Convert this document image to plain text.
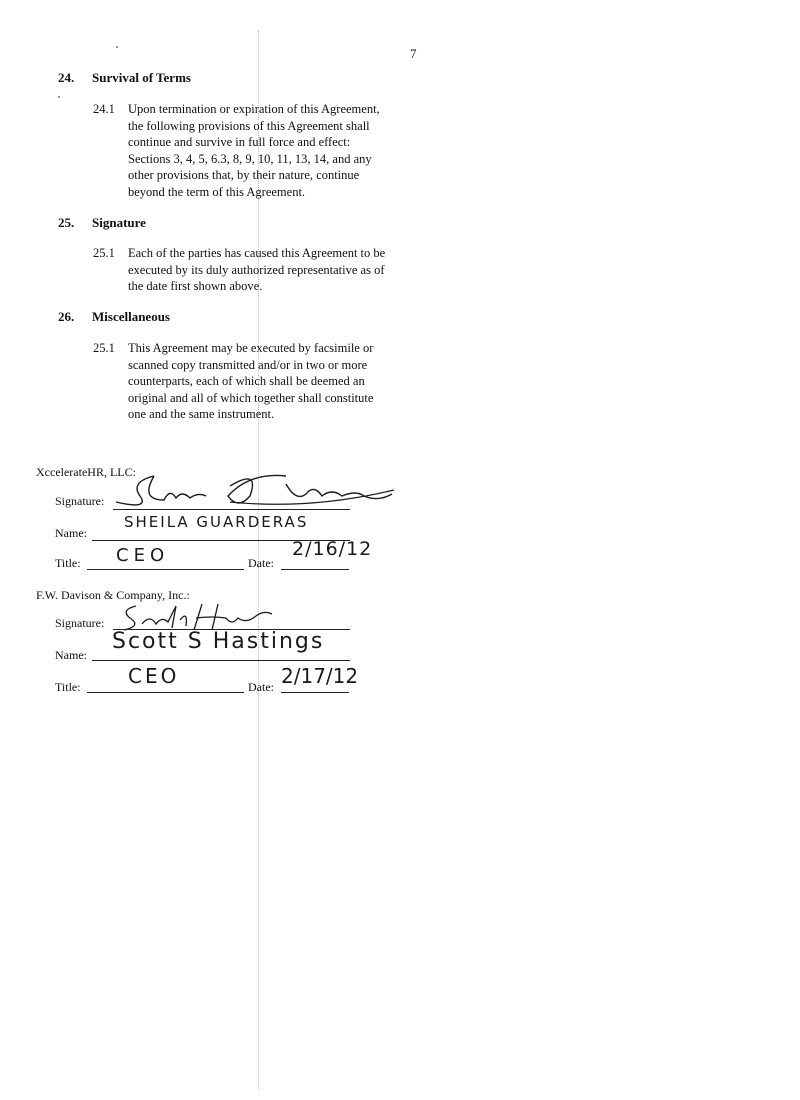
7
24. Survival of Terms
24.1 Upon termination or expiration of this Agreement,
the following provisions of this Agreement shall
continue and survive in full force and effect:
Sections 3, 4, 5, 6.3, 8, 9, 10, 11, 13, 14, and any
other provisions that, by their nature, continue
beyond the term of this Agreement.
25. Signature
25.1 Each of the parties has caused this Agreement to be
executed by its duly authorized representative as of
the date first shown above.
26. Miscellaneous
25.1 This Agreement may be executed by facsimile or
scanned copy transmitted and/or in two or more
counterparts, each of which shall be deemed an
original and all of which together shall constitute
one and the same instrument.
XcceleratеHR, LLC:
Signature:
Name:
SHEILA GUARDERAS
Title: CEO	Date:
2/16/12
F.W. Davison & Company, Inc.:
Signature:
Name:
Scott S Hastings
Title: CEO	Date: 2/17/12
